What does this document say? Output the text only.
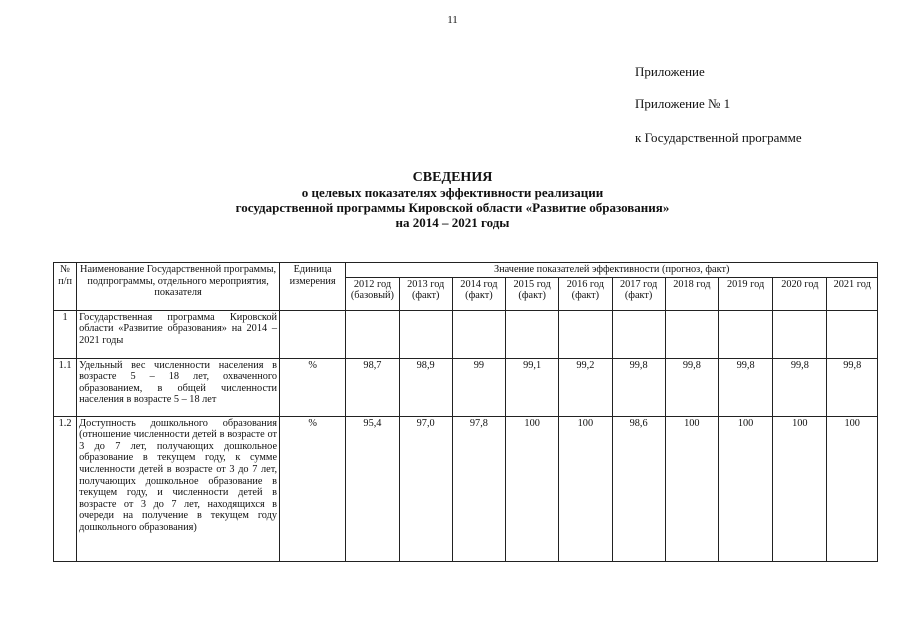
11
Приложение
Приложение № 1
к Государственной программе
СВЕДЕНИЯ
о целевых показателях эффективности реализации
государственной программы Кировской области «Развитие образования»
на 2014 – 2021 годы
№ п/п	Наименование Государственной программы, подпрограммы, отдельного мероприятия, показателя	Единица измерения	Значение показателей эффективности (прогноз, факт)									
			2012 год (базовый)	2013 год (факт)	2014 год (факт)	2015 год (факт)	2016 год (факт)	2017 год (факт)	2018 год	2019 год	2020 год	2021 год
1	Государственная программа Кировской области «Развитие образования» на 2014 – 2021 годы											
1.1	Удельный вес численности населения в возрасте 5 – 18 лет, охваченного образованием, в общей численности населения в возрасте 5 – 18 лет	%	98,7	98,9	99	99,1	99,2	99,8	99,8	99,8	99,8	99,8
1.2	Доступность дошкольного образования (отношение численности детей в возрасте от 3 до 7 лет, получающих дошкольное образование в текущем году, к сумме численности детей в возрасте от 3 до 7 лет, получающих дошкольное образование в текущем году, и численности детей в возрасте от 3 до 7 лет, находящихся в очереди на получение в текущем году дошкольного образования)	%	95,4	97,0	97,8	100	100	98,6	100	100	100	100
